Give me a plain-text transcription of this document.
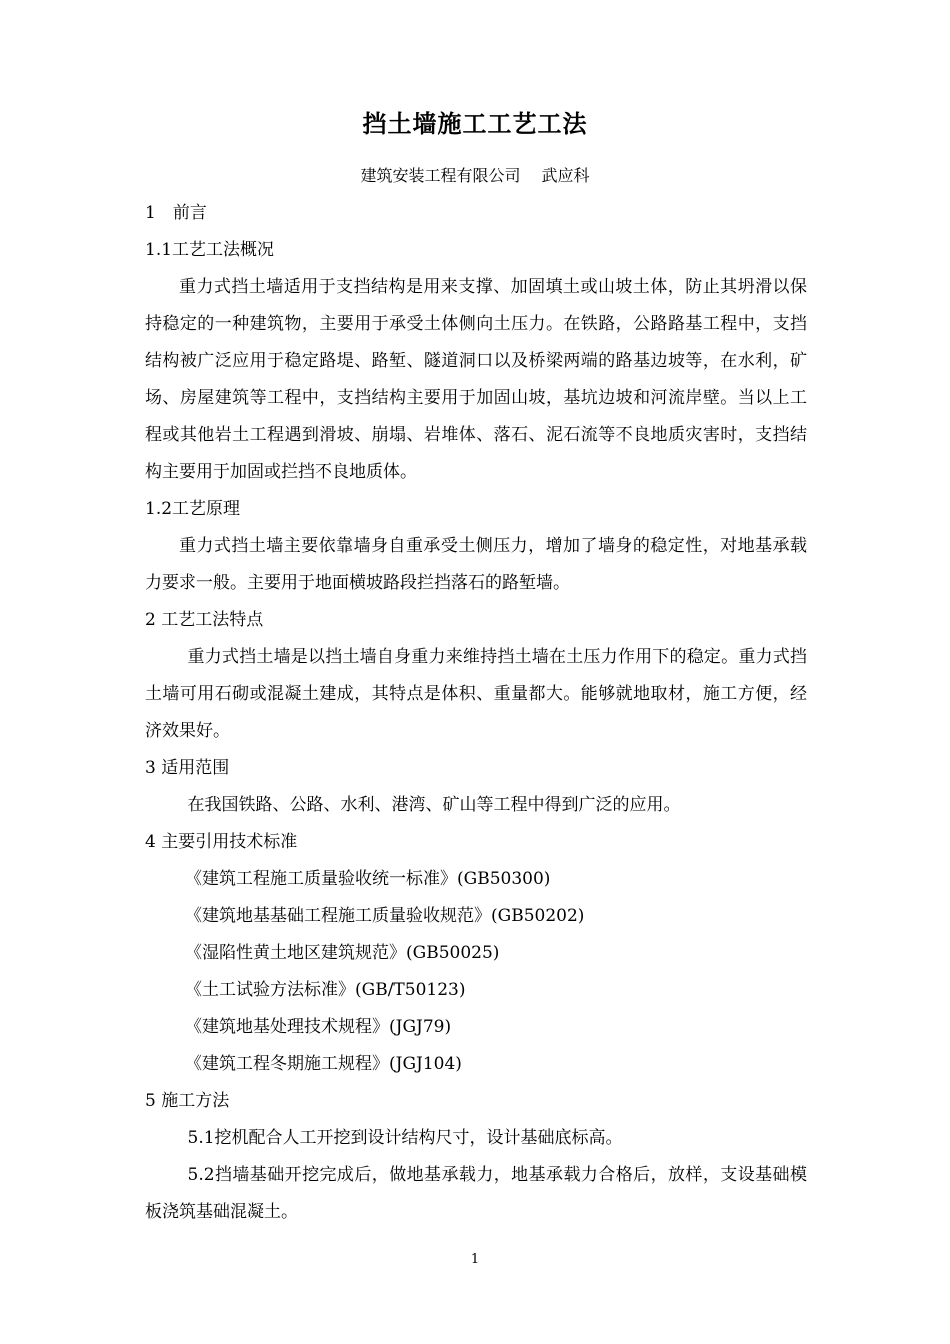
挡土墙施工工艺工法
建筑安装工程有限公司 武应科

1　前言

1.1工艺工法概况

重力式挡土墙适用于支挡结构是用来支撑、加固填土或山坡土体，防止其坍滑以保持稳定的一种建筑物，主要用于承受土体侧向土压力。在铁路，公路路基工程中，支挡结构被广泛应用于稳定路堤、路堑、隧道洞口以及桥梁两端的路基边坡等，在水利，矿场、房屋建筑等工程中，支挡结构主要用于加固山坡，基坑边坡和河流岸壁。当以上工程或其他岩土工程遇到滑坡、崩塌、岩堆体、落石、泥石流等不良地质灾害时，支挡结构主要用于加固或拦挡不良地质体。

1.2工艺原理

重力式挡土墙主要依靠墙身自重承受土侧压力，增加了墙身的稳定性，对地基承载力要求一般。主要用于地面横坡路段拦挡落石的路堑墙。

2 工艺工法特点

重力式挡土墙是以挡土墙自身重力来维持挡土墙在土压力作用下的稳定。重力式挡土墙可用石砌或混凝土建成，其特点是体积、重量都大。能够就地取材，施工方便，经济效果好。

3 适用范围

在我国铁路、公路、水利、港湾、矿山等工程中得到广泛的应用。

4 主要引用技术标准

《建筑工程施工质量验收统一标准》(GB50300)

《建筑地基基础工程施工质量验收规范》(GB50202)

《湿陷性黄土地区建筑规范》(GB50025)

《土工试验方法标准》(GB/T50123)

《建筑地基处理技术规程》(JGJ79)

《建筑工程冬期施工规程》(JGJ104)

5 施工方法

5.1挖机配合人工开挖到设计结构尺寸，设计基础底标高。

5.2挡墙基础开挖完成后，做地基承载力，地基承载力合格后，放样，支设基础模板浇筑基础混凝土。

1
